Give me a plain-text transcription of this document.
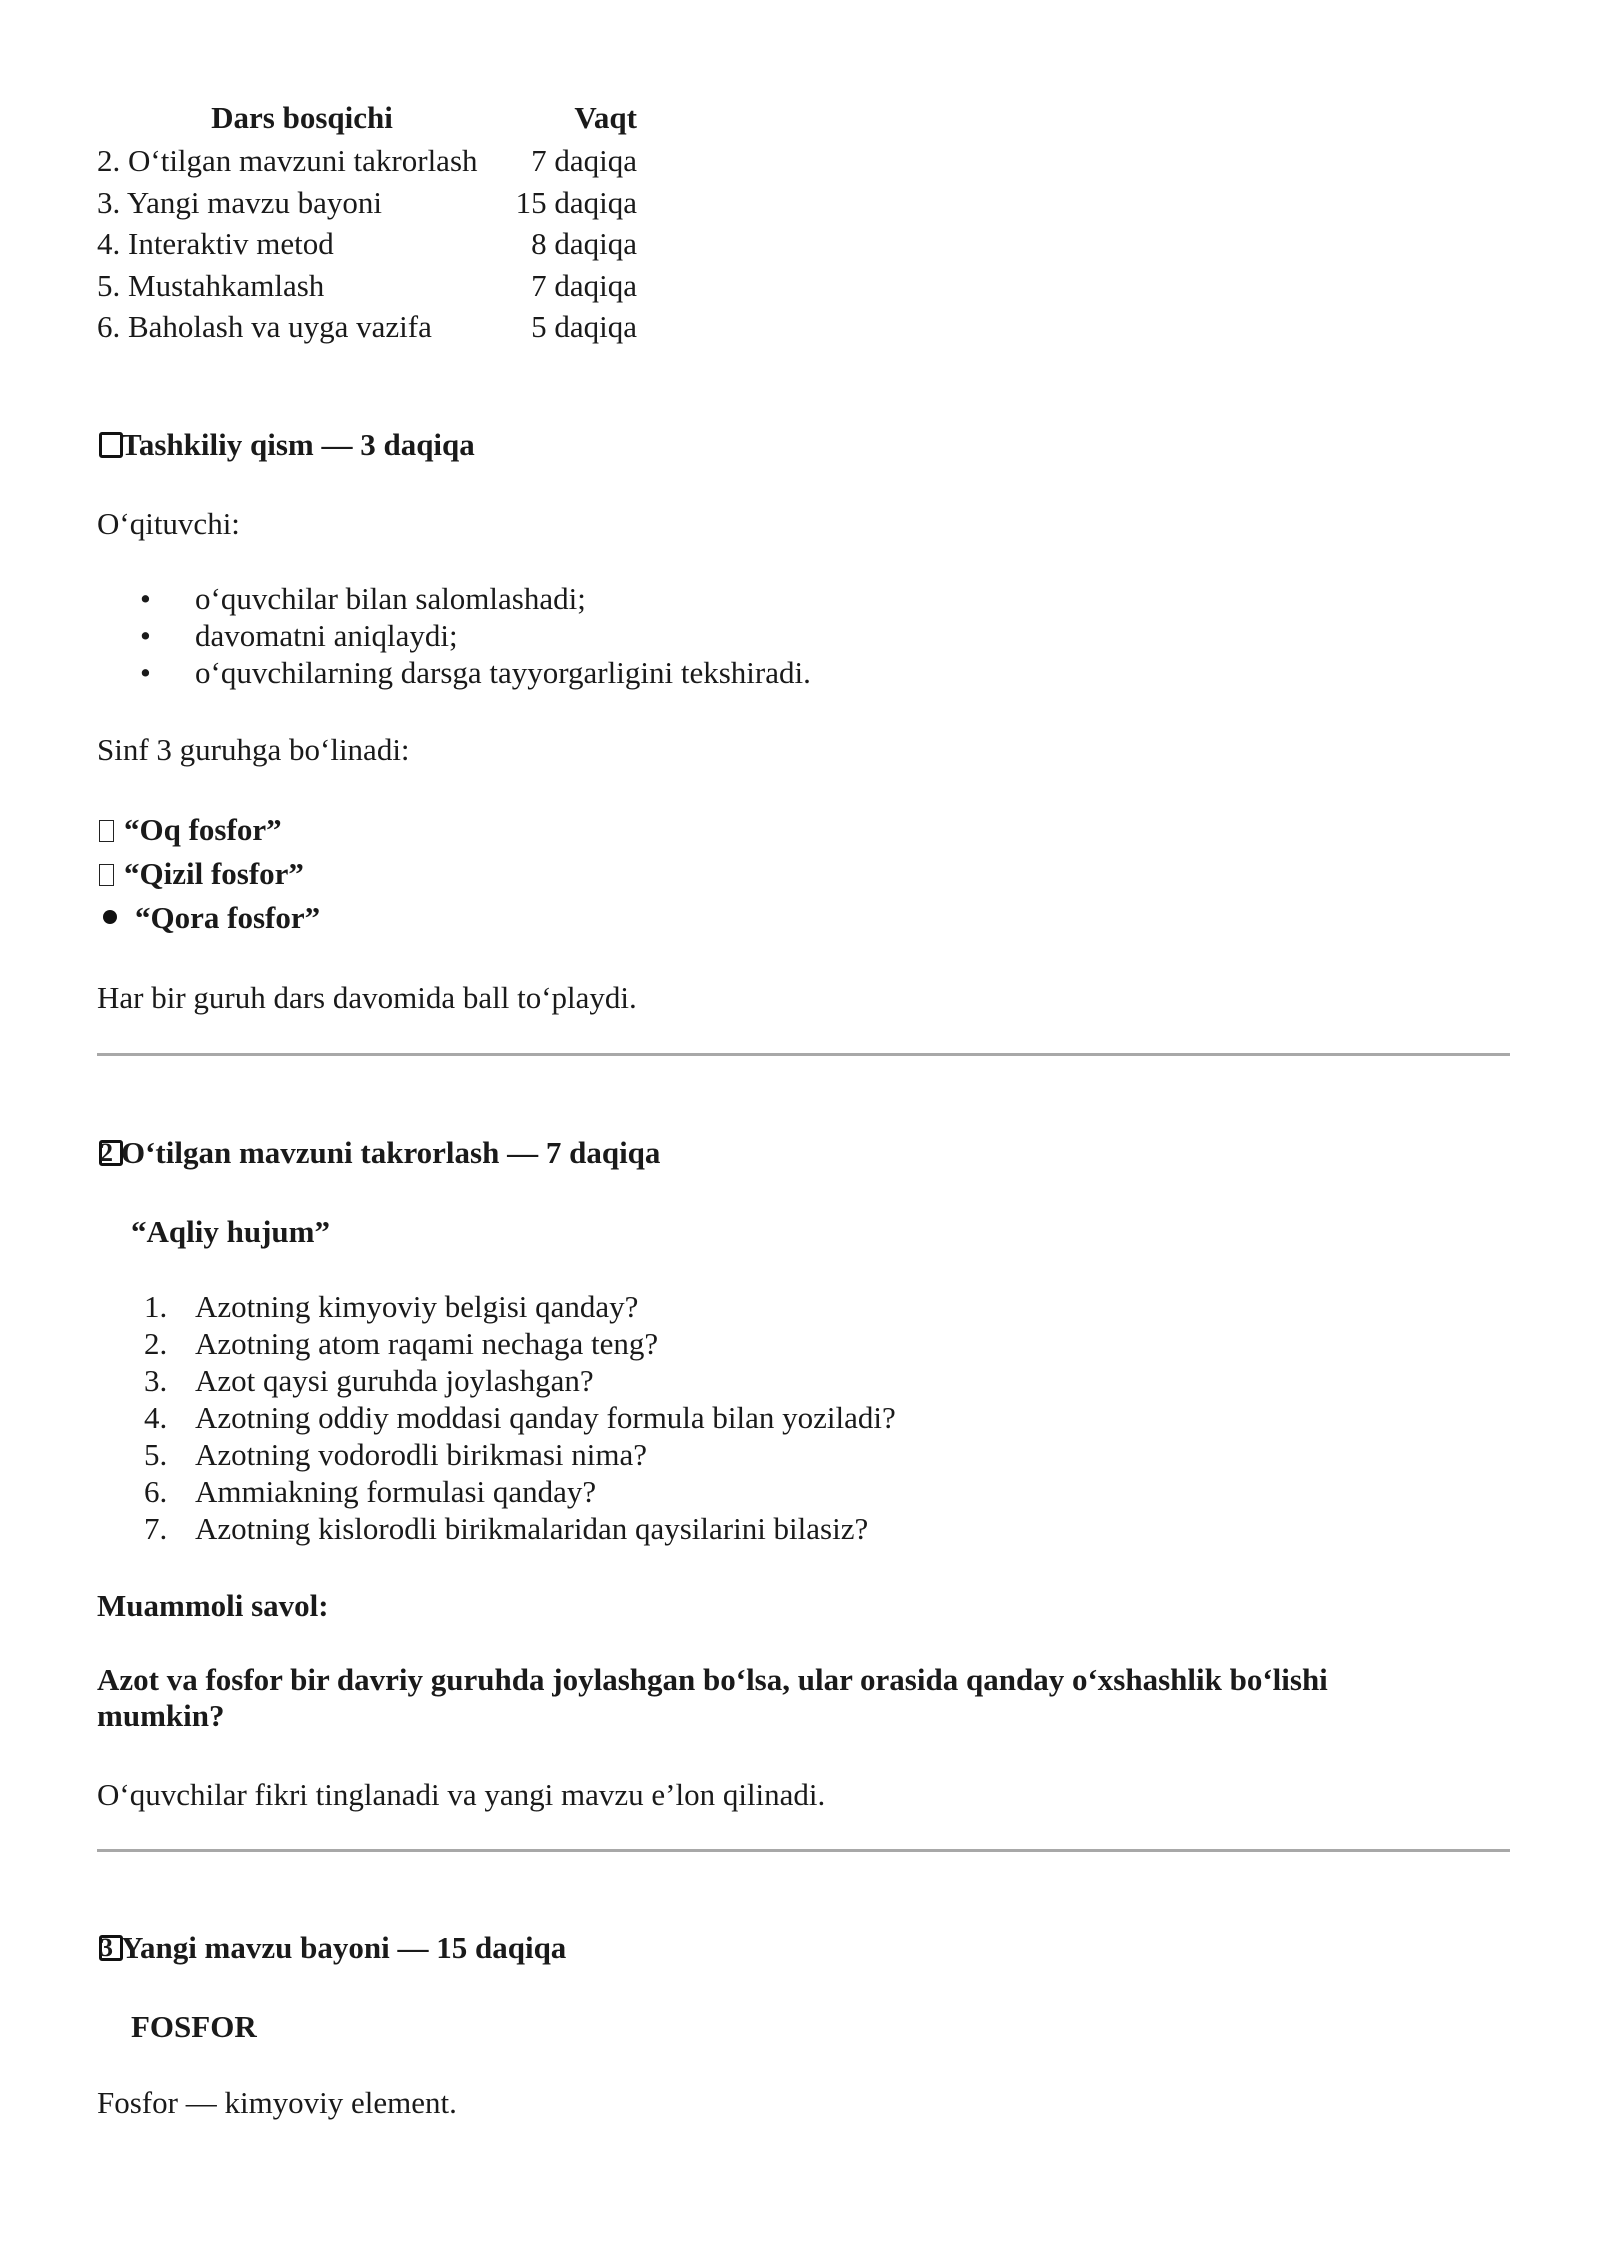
Dars bosqichi	Vaqt
2. O‘tilgan mavzuni takrorlash	7 daqiqa
3. Yangi mavzu bayoni	15 daqiqa
4. Interaktiv metod	8 daqiqa
5. Mustahkamlash	7 daqiqa
6. Baholash va uyga vazifa	5 daqiqa
Tashkiliy qism — 3 daqiqa
O‘qituvchi:
• o‘quvchilar bilan salomlashadi;
• davomatni aniqlaydi;
• o‘quvchilarning darsga tayyorgarligini tekshiradi.
Sinf 3 guruhga bo‘linadi:
“Oq fosfor”
“Qizil fosfor”
“Qora fosfor”
Har bir guruh dars davomida ball to‘playdi.
2 O‘tilgan mavzuni takrorlash — 7 daqiqa
“Aqliy hujum”
1. Azotning kimyoviy belgisi qanday?
2. Azotning atom raqami nechaga teng?
3. Azot qaysi guruhda joylashgan?
4. Azotning oddiy moddasi qanday formula bilan yoziladi?
5. Azotning vodorodli birikmasi nima?
6. Ammiakning formulasi qanday?
7. Azotning kislorodli birikmalaridan qaysilarini bilasiz?
Muammoli savol:
Azot va fosfor bir davriy guruhda joylashgan bo‘lsa, ular orasida qanday o‘xshashlik bo‘lishi
mumkin?
O‘quvchilar fikri tinglanadi va yangi mavzu e’lon qilinadi.
3 Yangi mavzu bayoni — 15 daqiqa
FOSFOR
Fosfor — kimyoviy element.
